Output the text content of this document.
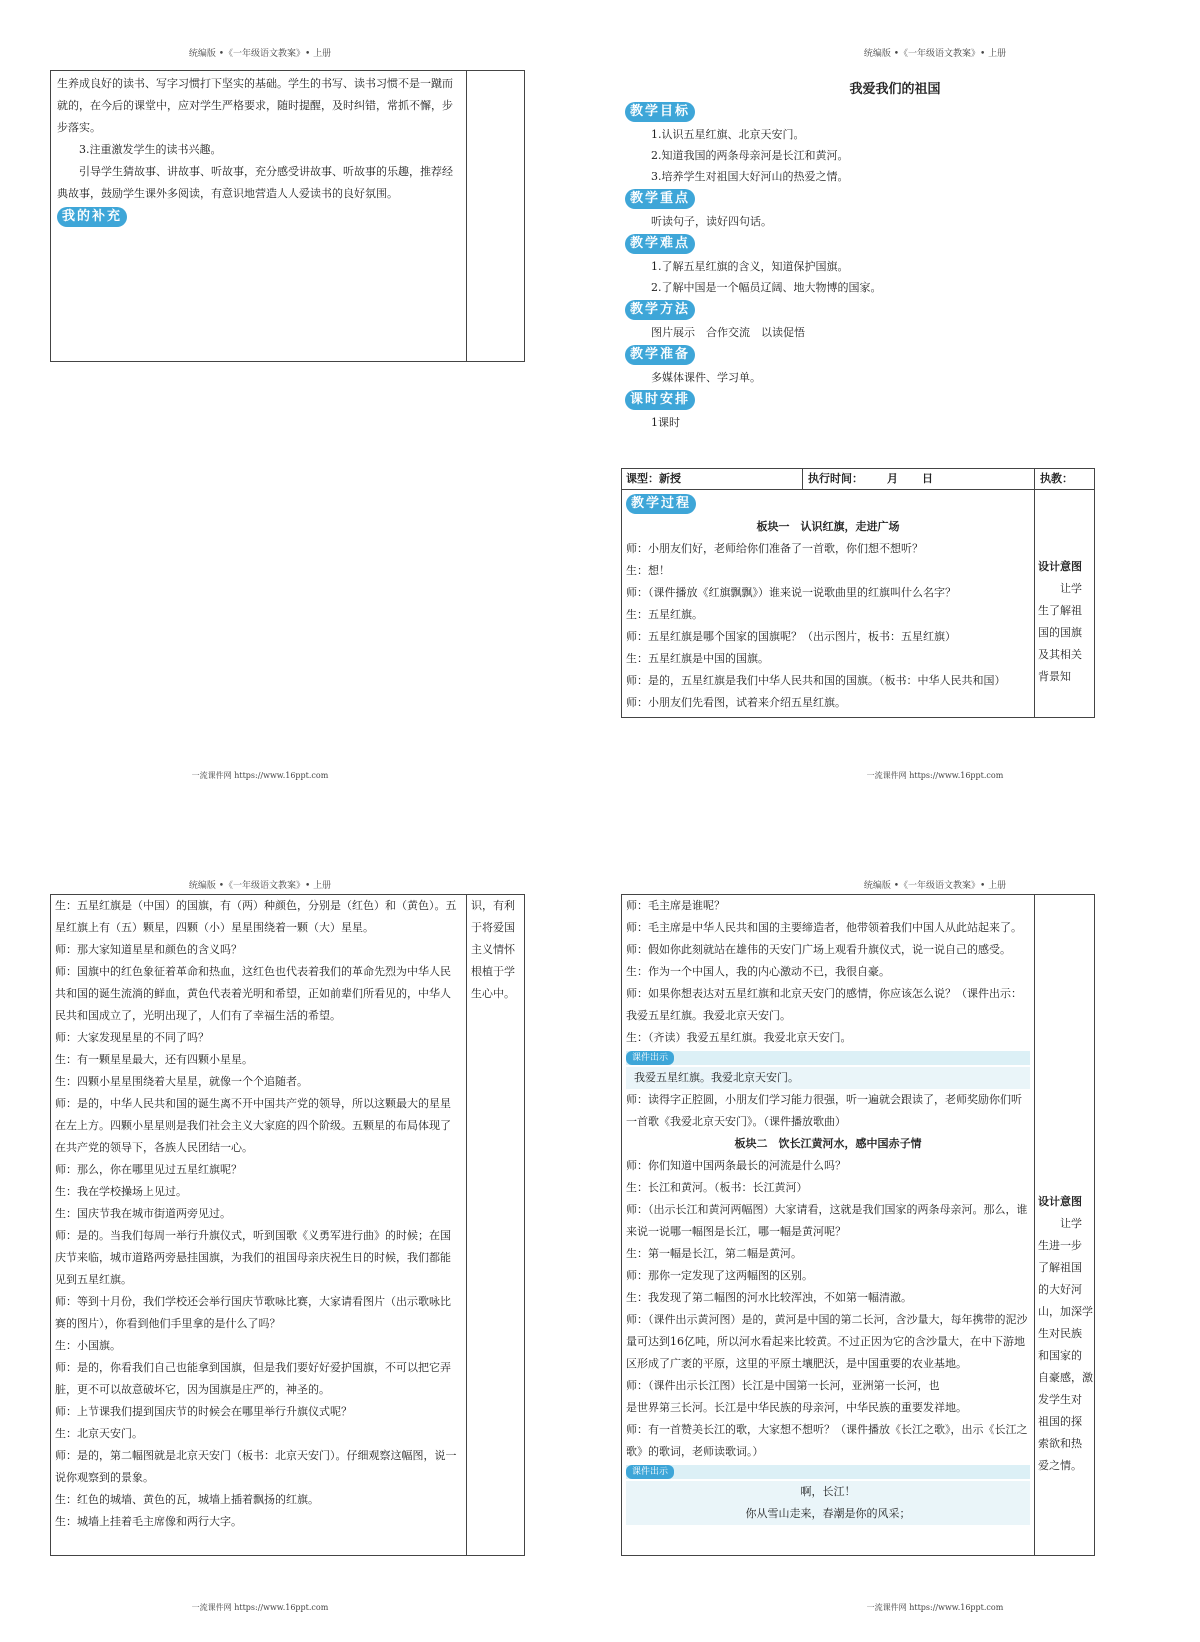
统编版 •《一年级语文教案》• 上册

生养成良好的读书、写字习惯打下坚实的基础。学生的书写、读书习惯不是一蹴而

就的，在今后的课堂中，应对学生严格要求，随时提醒，及时纠错，常抓不懈，步

步落实。

3.注重激发学生的读书兴趣。

引导学生猜故事、讲故事、听故事，充分感受讲故事、听故事的乐趣，推荐经

典故事，鼓励学生课外多阅读，有意识地营造人人爱读书的良好氛围。

我的补充
一流课件网 https://www.16ppt.com
统编版 •《一年级语文教案》• 上册
我爱我们的祖国
教学目标

1.认识五星红旗、北京天安门。

2.知道我国的两条母亲河是长江和黄河。

3.培养学生对祖国大好河山的热爱之情。

教学重点

听读句子，读好四句话。

教学难点

1.了解五星红旗的含义，知道保护国旗。

2.了解中国是一个幅员辽阔、地大物博的国家。

教学方法

图片展示　合作交流　以读促悟

教学准备

多媒体课件、学习单。

课时安排

1课时

课型：新授	执行时间： 月 日	执教：
教学过程

板块一　认识红旗，走进广场

师：小朋友们好，老师给你们准备了一首歌，你们想不想听？

生：想！

师：（课件播放《红旗飘飘》）谁来说一说歌曲里的红旗叫什么名字？

生：五星红旗。

师：五星红旗是哪个国家的国旗呢？（出示图片，板书：五星红旗）

生：五星红旗是中国的国旗。

师：是的，五星红旗是我们中华人民共和国的国旗。（板书：中华人民共和国）

师：小朋友们先看图，试着来介绍五星红旗。

设计意图

　　让学

生了解祖

国的国旗

及其相关

背景知

一流课件网 https://www.16ppt.com
统编版 •《一年级语文教案》• 上册

生：五星红旗是（中国）的国旗，有（两）种颜色，分别是（红色）和（黄色）。五

星红旗上有（五）颗星，四颗（小）星星围绕着一颗（大）星星。

师：那大家知道星星和颜色的含义吗？

师：国旗中的红色象征着革命和热血，这红色也代表着我们的革命先烈为中华人民

共和国的诞生流淌的鲜血，黄色代表着光明和希望，正如前辈们所看见的，中华人

民共和国成立了，光明出现了，人们有了幸福生活的希望。

师：大家发现星星的不同了吗？

生：有一颗星星最大，还有四颗小星星。

生：四颗小星星围绕着大星星，就像一个个追随者。

师：是的，中华人民共和国的诞生离不开中国共产党的领导，所以这颗最大的星星

在左上方。四颗小星星则是我们社会主义大家庭的四个阶级。五颗星的布局体现了

在共产党的领导下，各族人民团结一心。

师：那么，你在哪里见过五星红旗呢？

生：我在学校操场上见过。

生：国庆节我在城市街道两旁见过。

师：是的。当我们每周一举行升旗仪式，听到国歌《义勇军进行曲》的时候；在国

庆节来临，城市道路两旁悬挂国旗，为我们的祖国母亲庆祝生日的时候，我们都能

见到五星红旗。

师：等到十月份，我们学校还会举行国庆节歌咏比赛，大家请看图片（出示歌咏比

赛的图片），你看到他们手里拿的是什么了吗？

生：小国旗。

师：是的，你看我们自己也能拿到国旗，但是我们要好好爱护国旗，不可以把它弄

脏，更不可以故意破坏它，因为国旗是庄严的，神圣的。

师：上节课我们提到国庆节的时候会在哪里举行升旗仪式呢？

生：北京天安门。

师：是的，第二幅图就是北京天安门（板书：北京天安门）。仔细观察这幅图，说一

说你观察到的景象。

生：红色的城墙、黄色的瓦，城墙上插着飘扬的红旗。

生：城墙上挂着毛主席像和两行大字。

识，有利

于将爱国

主义情怀

根植于学

生心中。

一流课件网 https://www.16ppt.com
统编版 •《一年级语文教案》• 上册

师：毛主席是谁呢？

师：毛主席是中华人民共和国的主要缔造者，他带领着我们中国人从此站起来了。

师：假如你此刻就站在雄伟的天安门广场上观看升旗仪式，说一说自己的感受。

生：作为一个中国人，我的内心激动不已，我很自豪。

师：如果你想表达对五星红旗和北京天安门的感情，你应该怎么说？（课件出示：

我爱五星红旗。我爱北京天安门。

生：（齐读）我爱五星红旗。我爱北京天安门。

课件出示

我爱五星红旗。我爱北京天安门。

师：读得字正腔圆，小朋友们学习能力很强，听一遍就会跟读了，老师奖励你们听

一首歌《我爱北京天安门》。（课件播放歌曲）

板块二　饮长江黄河水，感中国赤子情

师：你们知道中国两条最长的河流是什么吗？

生：长江和黄河。（板书：长江黄河）

师：（出示长江和黄河两幅图）大家请看，这就是我们国家的两条母亲河。那么，谁

来说一说哪一幅图是长江，哪一幅是黄河呢？

生：第一幅是长江，第二幅是黄河。

师：那你一定发现了这两幅图的区别。

生：我发现了第二幅图的河水比较浑浊，不如第一幅清澈。

师：（课件出示黄河图）是的，黄河是中国的第二长河，含沙量大，每年携带的泥沙

量可达到16亿吨，所以河水看起来比较黄。不过正因为它的含沙量大，在中下游地

区形成了广袤的平原，这里的平原土壤肥沃，是中国重要的农业基地。

师：（课件出示长江图）长江是中国第一长河，亚洲第一长河，也

是世界第三长河。长江是中华民族的母亲河，中华民族的重要发祥地。

师：有一首赞美长江的歌，大家想不想听？（课件播放《长江之歌》，出示《长江之

歌》的歌词，老师读歌词。）

课件出示

啊，长江！

你从雪山走来，春潮是你的风采；

设计意图

　　让学

生进一步

了解祖国

的大好河

山，加深学

生对民族

和国家的

自豪感，激

发学生对

祖国的探

索欲和热

爱之情。

一流课件网 https://www.16ppt.com
